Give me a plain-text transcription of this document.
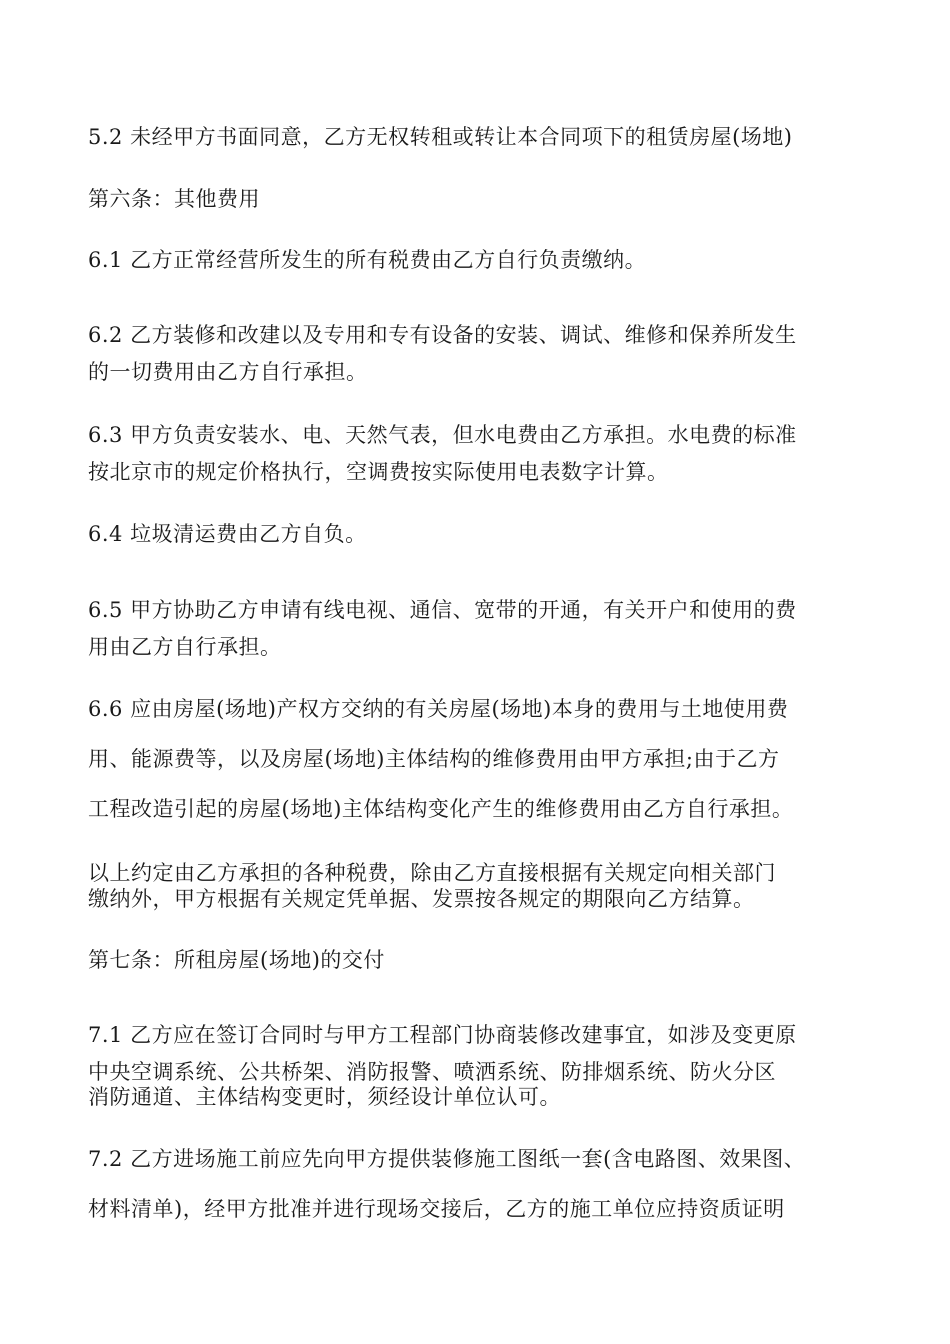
5.2 未经甲方书面同意，乙方无权转租或转让本合同项下的租赁房屋(场地)
第六条：其他费用
6.1 乙方正常经营所发生的所有税费由乙方自行负责缴纳。
6.2 乙方装修和改建以及专用和专有设备的安装、调试、维修和保养所发生
的一切费用由乙方自行承担。
6.3 甲方负责安装水、电、天然气表，但水电费由乙方承担。水电费的标准
按北京市的规定价格执行，空调费按实际使用电表数字计算。
6.4 垃圾清运费由乙方自负。
6.5 甲方协助乙方申请有线电视、通信、宽带的开通，有关开户和使用的费
用由乙方自行承担。
6.6 应由房屋(场地)产权方交纳的有关房屋(场地)本身的费用与土地使用费
用、能源费等，以及房屋(场地)主体结构的维修费用由甲方承担;由于乙方
工程改造引起的房屋(场地)主体结构变化产生的维修费用由乙方自行承担。
以上约定由乙方承担的各种税费，除由乙方直接根据有关规定向相关部门
缴纳外，甲方根据有关规定凭单据、发票按各规定的期限向乙方结算。
第七条：所租房屋(场地)的交付
7.1 乙方应在签订合同时与甲方工程部门协商装修改建事宜，如涉及变更原
中央空调系统、公共桥架、消防报警、喷洒系统、防排烟系统、防火分区
消防通道、主体结构变更时，须经设计单位认可。
7.2 乙方进场施工前应先向甲方提供装修施工图纸一套(含电路图、效果图、
材料清单)，经甲方批准并进行现场交接后，乙方的施工单位应持资质证明
